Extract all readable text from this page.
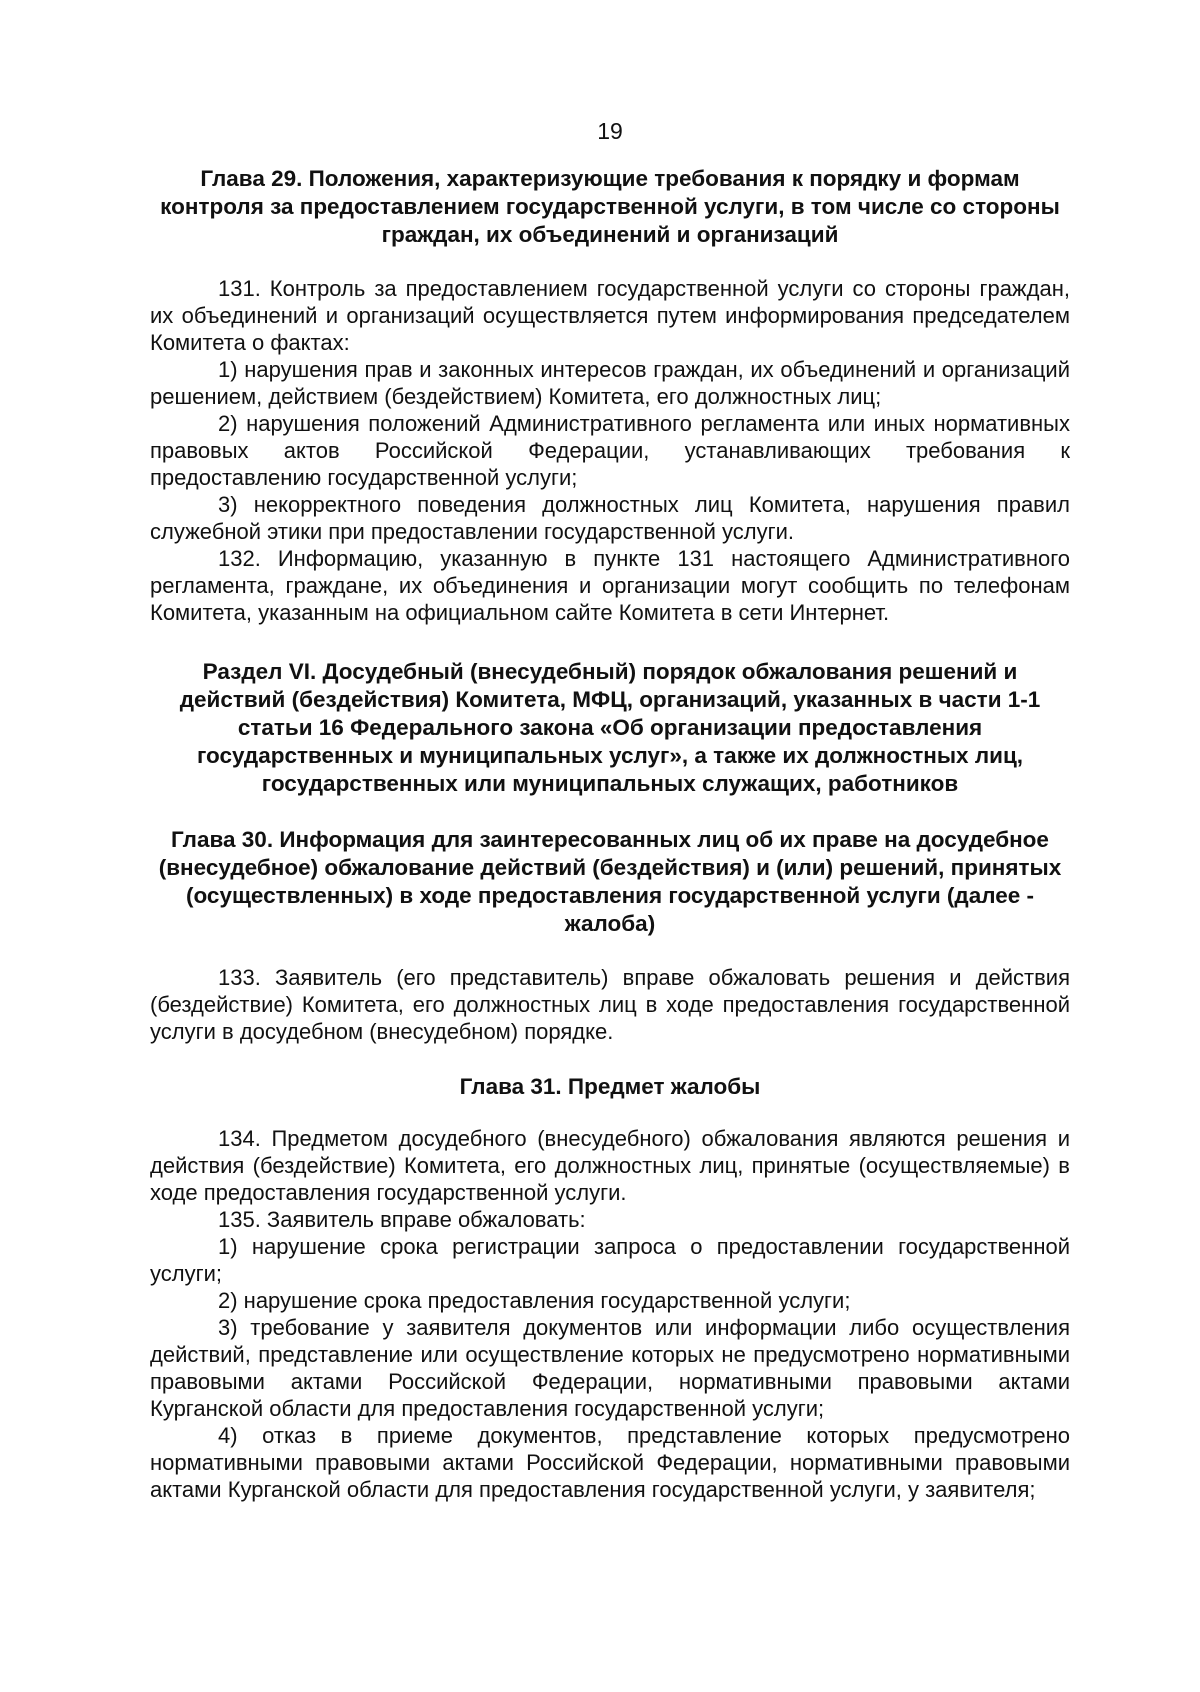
19
Глава 29. Положения, характеризующие требования к порядку и формам
контроля за предоставлением государственной услуги, в том числе со стороны
граждан, их объединений и организаций

131. Контроль за предоставлением государственной услуги со стороны граждан, их объединений и организаций осуществляется путем информирования председателем Комитета о фактах:

1) нарушения прав и законных интересов граждан, их объединений и организаций решением, действием (бездействием) Комитета, его должностных лиц;

2) нарушения положений Административного регламента или иных нормативных правовых актов Российской Федерации, устанавливающих требования к предоставлению государственной услуги;

3) некорректного поведения должностных лиц Комитета, нарушения правил служебной этики при предоставлении государственной услуги.

132. Информацию, указанную в пункте 131 настоящего Административного регламента, граждане, их объединения и организации могут сообщить по телефонам Комитета, указанным на официальном сайте Комитета в сети Интернет.

Раздел VI. Досудебный (внесудебный) порядок обжалования решений и
действий (бездействия) Комитета, МФЦ, организаций, указанных в части 1-1
статьи 16 Федерального закона «Об организации предоставления
государственных и муниципальных услуг», а также их должностных лиц,
государственных или муниципальных служащих, работников
Глава 30. Информация для заинтересованных лиц об их праве на досудебное
(внесудебное) обжалование действий (бездействия) и (или) решений, принятых
(осуществленных) в ходе предоставления государственной услуги (далее -
жалоба)

133. Заявитель (его представитель) вправе обжаловать решения и действия (бездействие) Комитета, его должностных лиц в ходе предоставления государственной услуги в досудебном (внесудебном) порядке.

Глава 31. Предмет жалобы

134. Предметом досудебного (внесудебного) обжалования являются решения и действия (бездействие) Комитета, его должностных лиц, принятые (осуществляемые) в ходе предоставления государственной услуги.

135. Заявитель вправе обжаловать:

1) нарушение срока регистрации запроса о предоставлении государственной услуги;

2) нарушение срока предоставления государственной услуги;

3) требование у заявителя документов или информации либо осуществления действий, представление или осуществление которых не предусмотрено нормативными правовыми актами Российской Федерации, нормативными правовыми актами Курганской области для предоставления государственной услуги;

4) отказ в приеме документов, представление которых предусмотрено нормативными правовыми актами Российской Федерации, нормативными правовыми актами Курганской области для предоставления государственной услуги, у заявителя;
